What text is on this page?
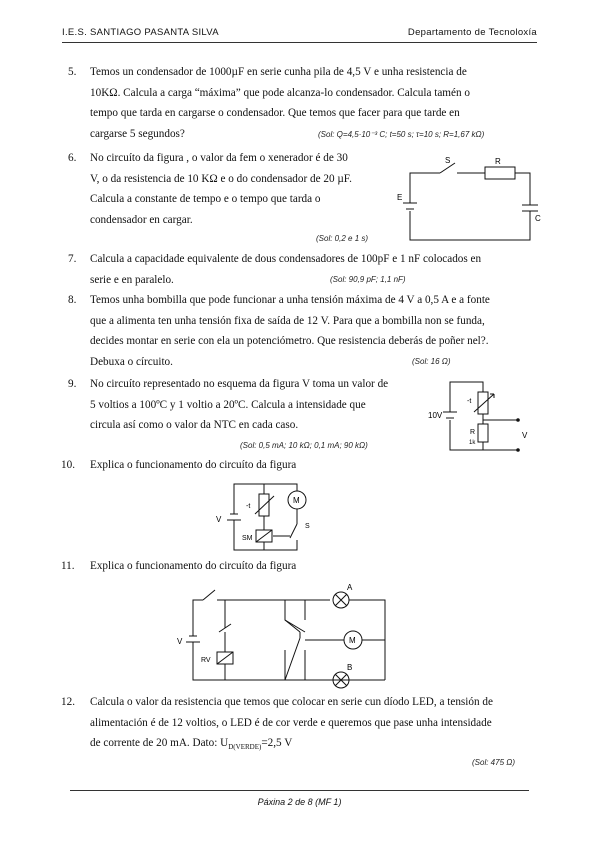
I.E.S. SANTIAGO PASANTA SILVA	Departamento de Tecnoloxía
5. Temos un condensador de 1000µF en serie cunha pila de 4,5 V e unha resistencia de
10KΩ. Calcula a carga “máxima” que pode alcanza-lo condensador. Calcula tamén o
tempo que tarda en cargarse o condensador. Que temos que facer para que tarde en
cargarse 5 segundos?	(Sol: Q=4,5·10⁻³ C; t=50 s; τ=10 s; R=1,67 kΩ)
6. No circuíto da figura , o valor da fem o xenerador é de 30
V, o da resistencia de 10 KΩ e o do condensador de 20 µF.
Calcula a constante de tempo e o tempo que tarda o
condensador en cargar.
(Sol: 0,2 e 1 s)
S	R
E
C
7. Calcula a capacidade equivalente de dous condensadores de 100pF e 1 nF colocados en
serie e en paralelo.	(Sol: 90,9 pF; 1,1 nF)
8. Temos unha bombilla que pode funcionar a unha tensión máxima de 4 V a 0,5 A e a fonte
que a alimenta ten unha tensión fixa de saída de 12 V. Para que a bombilla non se funda,
decides montar en serie con ela un potenciómetro. Que resistencia deberás de poñer nel?.
Debuxa o círcuito.	(Sol: 16 Ω)
9. No circuíto representado no esquema da figura V toma un valor de
5 voltios a 100ºC y 1 voltio a 20ºC. Calcula a intensidade que
circula así como o valor da NTC en cada caso.
(Sol: 0,5 mA; 10 kΩ; 0,1 mA; 90 kΩ)
10V
-t
R
1k
V
10. Explica o funcionamento do circuíto da figura
M
V
-t
SM
S
11. Explica o funcionamento do circuíto da figura
A
B
M
V
RV
12. Calcula o valor da resistencia que temos que colocar en serie cun díodo LED, a tensión de
alimentación é de 12 voltios, o LED é de cor verde e queremos que pase unha intensidade
de corrente de 20 mA. Dato: $U_{D(VERDE)}=2,5$ V
(Sol: 475 Ω)
Páxina 2 de 8 (MF 1)
